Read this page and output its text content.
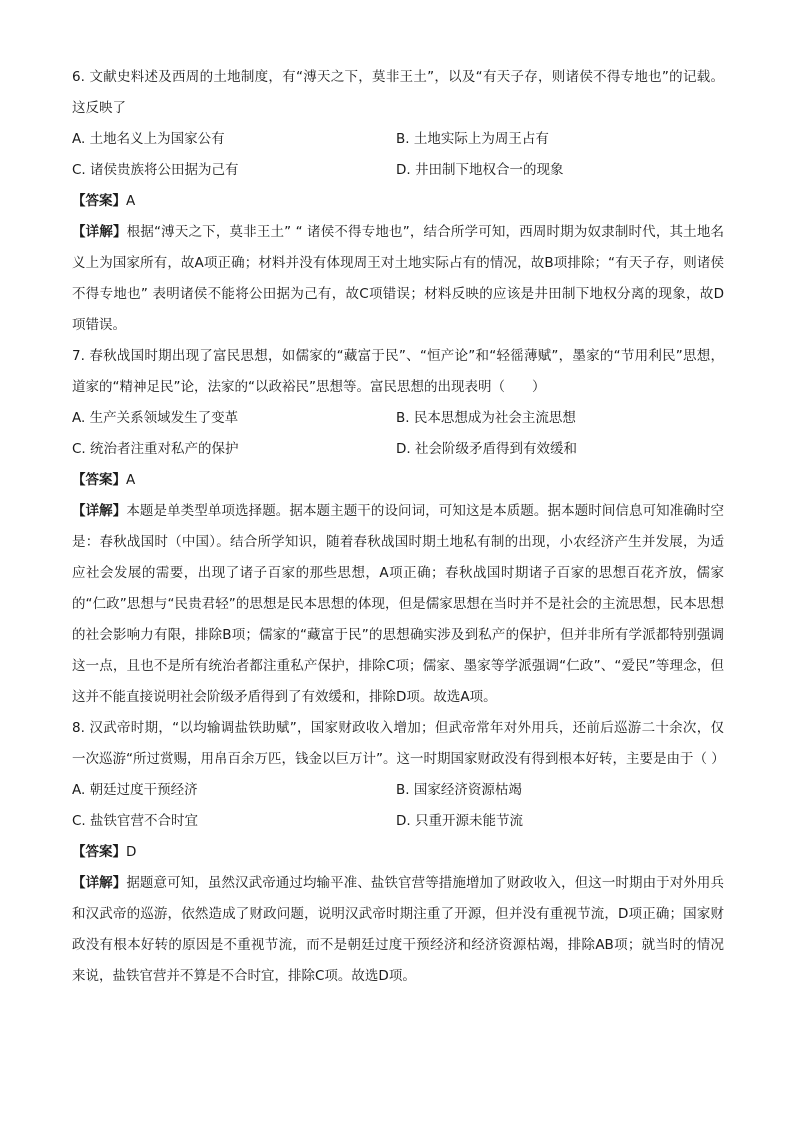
6. 文献史料述及西周的土地制度，有“溥天之下，莫非王土”，以及“有天子存，则诸侯不得专地也”的记载。这反映了

A. 土地名义上为国家公有	B. 土地实际上为周王占有
C. 诸侯贵族将公田据为己有	D. 井田制下地权合一的现象
【答案】A

【详解】根据“溥天之下，莫非王土” “ 诸侯不得专地也”，结合所学可知，西周时期为奴隶制时代，其土地名义上为国家所有，故A项正确；材料并没有体现周王对土地实际占有的情况，故B项排除；“有天子存，则诸侯不得专地也” 表明诸侯不能将公田据为己有，故C项错误；材料反映的应该是井田制下地权分离的现象，故D项错误。

7. 春秋战国时期出现了富民思想，如儒家的“藏富于民”、“恒产论”和“轻徭薄赋”，墨家的“节用利民”思想，道家的“精神足民”论，法家的“以政裕民”思想等。富民思想的出现表明（　　）

A. 生产关系领域发生了变革	B. 民本思想成为社会主流思想
C. 统治者注重对私产的保护	D. 社会阶级矛盾得到有效缓和
【答案】A

【详解】本题是单类型单项选择题。据本题主题干的设问词，可知这是本质题。据本题时间信息可知准确时空是：春秋战国时（中国）。结合所学知识，随着春秋战国时期土地私有制的出现，小农经济产生并发展，为适应社会发展的需要，出现了诸子百家的那些思想，A项正确；春秋战国时期诸子百家的思想百花齐放，儒家的“仁政”思想与“民贵君轻”的思想是民本思想的体现，但是儒家思想在当时并不是社会的主流思想，民本思想的社会影响力有限，排除B项；儒家的“藏富于民”的思想确实涉及到私产的保护，但并非所有学派都特别强调这一点，且也不是所有统治者都注重私产保护，排除C项；儒家、墨家等学派强调“仁政”、“爱民”等理念，但这并不能直接说明社会阶级矛盾得到了有效缓和，排除D项。故选A项。

8. 汉武帝时期，“以均输调盐铁助赋”，国家财政收入增加；但武帝常年对外用兵，还前后巡游二十余次，仅一次巡游“所过赏赐，用帛百余万匹，钱金以巨万计”。这一时期国家财政没有得到根本好转，主要是由于（ ）

A. 朝廷过度干预经济	B. 国家经济资源枯竭
C. 盐铁官营不合时宜	D. 只重开源未能节流
【答案】D

【详解】据题意可知，虽然汉武帝通过均输平准、盐铁官营等措施增加了财政收入，但这一时期由于对外用兵和汉武帝的巡游，依然造成了财政问题，说明汉武帝时期注重了开源，但并没有重视节流，D项正确；国家财政没有根本好转的原因是不重视节流，而不是朝廷过度干预经济和经济资源枯竭，排除AB项；就当时的情况来说，盐铁官营并不算是不合时宜，排除C项。故选D项。
